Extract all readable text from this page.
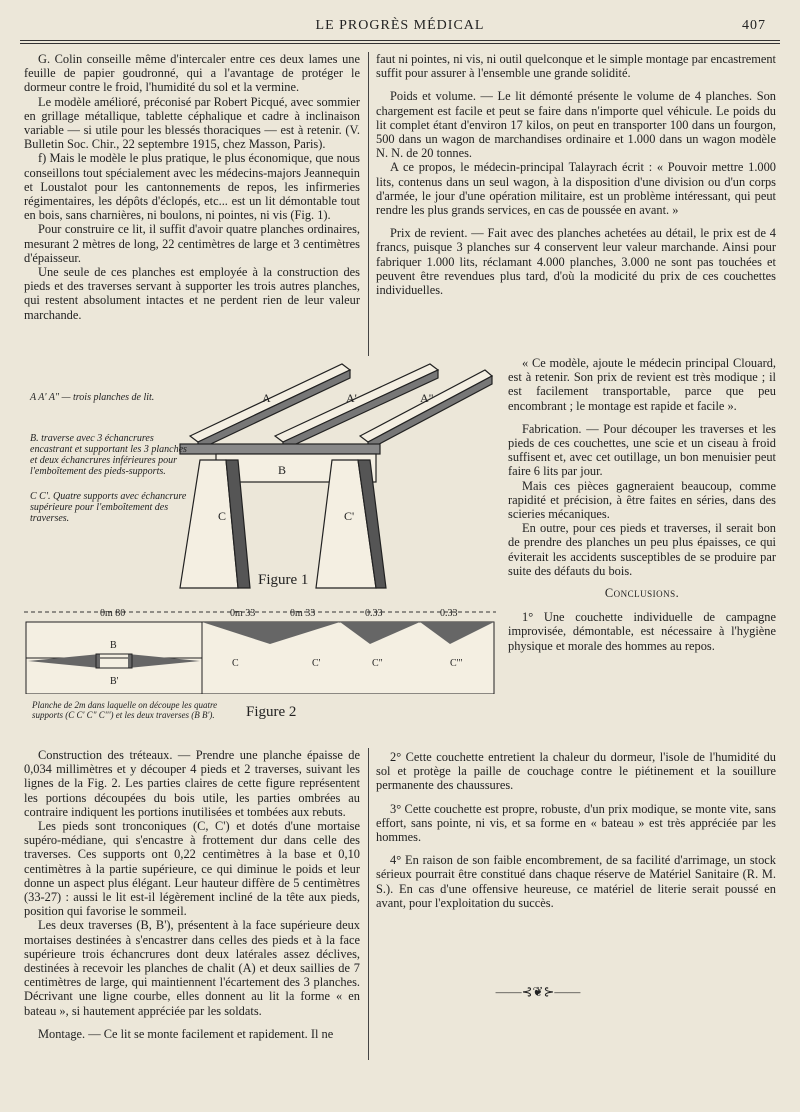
LE PROGRÈS MÉDICAL	407

G. Colin conseille même d'intercaler entre ces deux lames une feuille de papier goudronné, qui a l'avantage de protéger le dormeur contre le froid, l'humidité du sol et la vermine.

Le modèle amélioré, préconisé par Robert Picqué, avec sommier en grillage métallique, tablette céphalique et cadre à inclinaison variable — si utile pour les blessés thoraciques — est à retenir. (V. Bulletin Soc. Chir., 22 septembre 1915, chez Masson, Paris).

f) Mais le modèle le plus pratique, le plus économique, que nous conseillons tout spécialement avec les médecins-majors Jeannequin et Loustalot pour les cantonnements de repos, les infirmeries régimentaires, les dépôts d'éclopés, etc... est un lit démontable tout en bois, sans charnières, ni boulons, ni pointes, ni vis (Fig. 1).

Pour construire ce lit, il suffit d'avoir quatre planches ordinaires, mesurant 2 mètres de long, 22 centimètres de large et 3 centimètres d'épaisseur.

Une seule de ces planches est employée à la construction des pieds et des traverses servant à supporter les trois autres planches, qui restent absolument intactes et ne perdent rien de leur valeur marchande.

faut ni pointes, ni vis, ni outil quelconque et le simple montage par encastrement suffit pour assurer à l'ensemble une grande solidité.

Poids et volume. — Le lit démonté présente le volume de 4 planches. Son chargement est facile et peut se faire dans n'importe quel véhicule. Le poids du lit complet étant d'environ 17 kilos, on peut en transporter 100 dans un fourgon, 500 dans un wagon de marchandises ordinaire et 1.000 dans un wagon modèle N. N. de 20 tonnes.

A ce propos, le médecin-principal Talayrach écrit : « Pouvoir mettre 1.000 lits, contenus dans un seul wagon, à la disposition d'une division ou d'un corps d'armée, le jour d'une opération militaire, est un problème intéressant, qui peut rendre les plus grands services, en cas de poussée en avant. »

Prix de revient. — Fait avec des planches achetées au détail, le prix est de 4 francs, puisque 3 planches sur 4 conservent leur valeur marchande. Ainsi pour fabriquer 1.000 lits, réclamant 4.000 planches, 3.000 ne sont pas touchées et peuvent être revendues plus tard, d'où la modicité du prix de ces couchettes individuelles.

A	A'	A"
B
C	C'
A A' A" — trois planches de lit.
B. traverse avec 3 échancrures encastrant et supportant les 3 planches et deux échancrures inférieures pour l'emboîtement des pieds-supports.
C C'. Quatre supports avec échancrure supérieure pour l'emboîtement des traverses.
Figure 1

« Ce modèle, ajoute le médecin principal Clouard, est à retenir. Son prix de revient est très modique ; il est facilement transportable, parce que peu encombrant ; le montage est rapide et facile ».

Fabrication. — Pour découper les traverses et les pieds de ces couchettes, une scie et un ciseau à froid suffisent et, avec cet outillage, un bon menuisier peut faire 6 lits par jour.

Mais ces pièces gagneraient beaucoup, comme rapidité et précision, à être faites en séries, dans des scieries mécaniques.

En outre, pour ces pieds et traverses, il serait bon de prendre des planches un peu plus épaisses, ce qui éviterait les accidents susceptibles de se produire par suite des défauts du bois.

Conclusions.

1° Une couchette individuelle de campagne improvisée, démontable, est nécessaire à l'hygiène physique et morale des hommes au repos.

0m 80	0m 33	0m 33	0.33	0.33
B
B'
C	C'	C"	C'"
Planche de 2m dans laquelle on découpe les quatre supports (C C' C" C''') et les deux traverses (B B').	Figure 2

Construction des tréteaux. — Prendre une planche épaisse de 0,034 millimètres et y découper 4 pieds et 2 traverses, suivant les lignes de la Fig. 2. Les parties claires de cette figure représentent les portions découpées du bois utile, les parties ombrées au contraire indiquent les portions inutilisées et tombées aux rebuts.

Les pieds sont tronconiques (C, C') et dotés d'une mortaise supéro-médiane, qui s'encastre à frottement dur dans celle des traverses. Ces supports ont 0,22 centimètres à la base et 0,10 centimètres à la partie supérieure, ce qui diminue le poids et leur donne un aspect plus élégant. Leur hauteur diffère de 5 centimètres (33-27) : aussi le lit est-il légèrement incliné de la tête aux pieds, position qui favorise le sommeil.

Les deux traverses (B, B'), présentent à la face supérieure deux mortaises destinées à s'encastrer dans celles des pieds et à la face supérieure trois échancrures dont deux latérales assez déclives, destinées à recevoir les planches de chalit (A) et deux saillies de 7 centimètres de large, qui maintiennent l'écartement des 3 planches. Décrivant une ligne courbe, elles donnent au lit la forme « en bateau », si hautement appréciée par les soldats.

Montage. — Ce lit se monte facilement et rapidement. Il ne

2° Cette couchette entretient la chaleur du dormeur, l'isole de l'humidité du sol et protège la paille de couchage contre le piétinement et la souillure permanente des chaussures.

3° Cette couchette est propre, robuste, d'un prix modique, se monte vite, sans effort, sans pointe, ni vis, et sa forme en « bateau » est très appréciée par les hommes.

4° En raison de son faible encombrement, de sa facilité d'arrimage, un stock sérieux pourrait être constitué dans chaque réserve de Matériel Sanitaire (R. M. S.). En cas d'une offensive heureuse, ce matériel de literie serait poussé en avant, pour l'exploitation du succès.

——⊰❦⊱——
